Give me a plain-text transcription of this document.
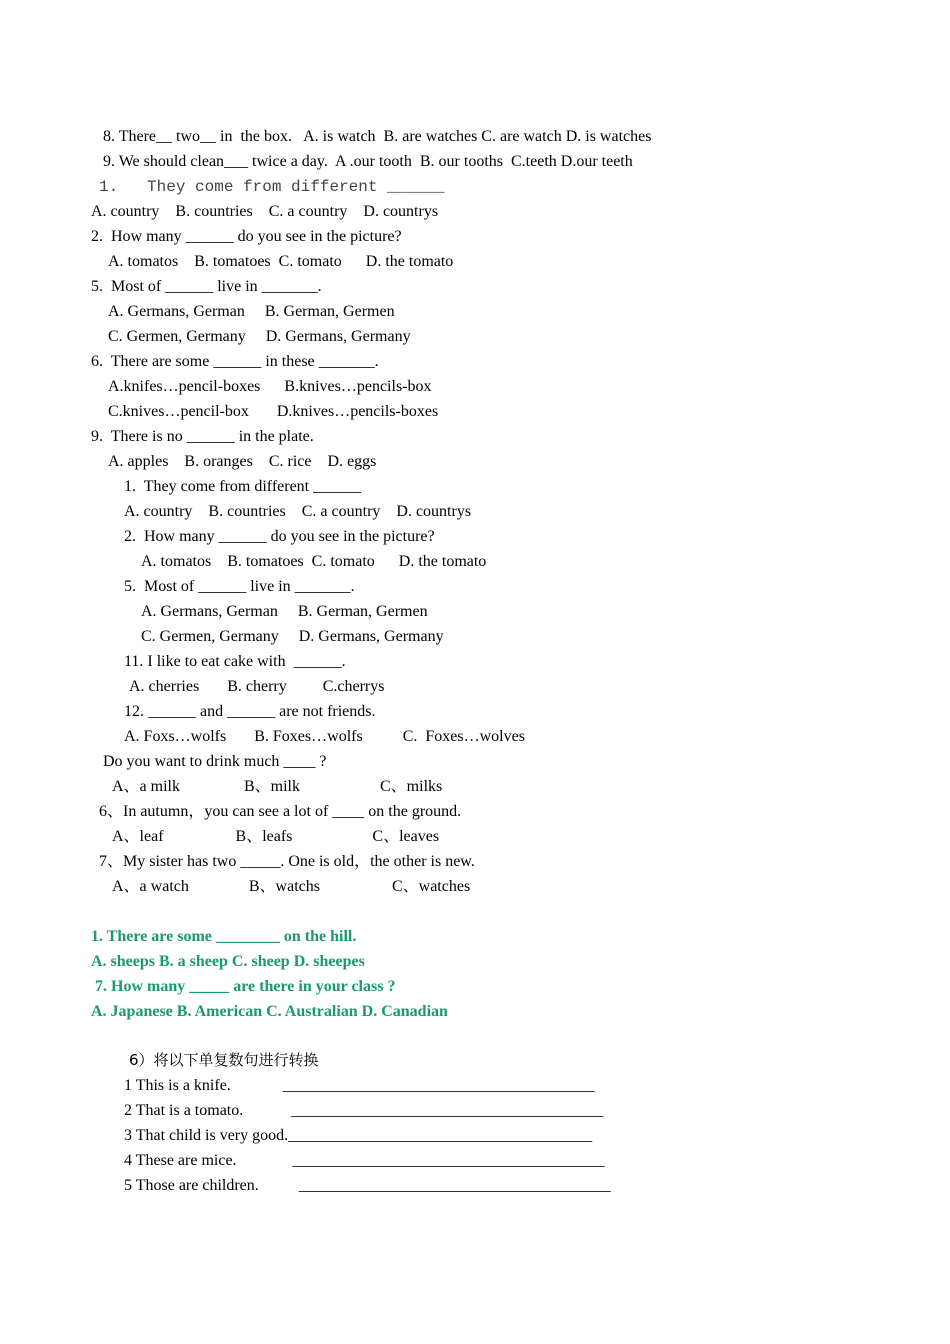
8. There__ two__ in  the box.   A. is watch  B. are watches C. are watch D. is watches
9. We should clean___ twice a day.  A .our tooth  B. our tooths  C.teeth D.our teeth
1.   They come from different ______
A. country    B. countries    C. a country    D. countrys
2.  How many ______ do you see in the picture?
A. tomatos    B. tomatoes  C. tomato      D. the tomato
5.  Most of ______ live in _______.
A. Germans, German     B. German, Germen
C. Germen, Germany     D. Germans, Germany
6.  There are some ______ in these _______.
A.knifes…pencil-boxes      B.knives…pencils-box
C.knives…pencil-box       D.knives…pencils-boxes
9.  There is no ______ in the plate.
A. apples    B. oranges    C. rice    D. eggs
1.  They come from different ______
A. country    B. countries    C. a country    D. countrys
2.  How many ______ do you see in the picture?
A. tomatos    B. tomatoes  C. tomato      D. the tomato
5.  Most of ______ live in _______.
A. Germans, German     B. German, Germen
C. Germen, Germany     D. Germans, Germany
11. I like to eat cake with  ______.
A. cherries       B. cherry         C.cherrys
12. ______ and ______ are not friends.
A. Foxs…wolfs       B. Foxes…wolfs          C.  Foxes…wolves
Do you want to drink much ____ ?
A、a milk                B、milk                    C、milks
6、In autumn，you can see a lot of ____ on the ground.
A、leaf                  B、leafs                    C、leaves
7、My sister has two _____. One is old，the other is new.
A、a watch               B、watchs                  C、watches
1. There are some ________ on the hill.
A. sheeps B. a sheep C. sheep D. sheepes
7. How many _____ are there in your class ?
A. Japanese B. American C. Australian D. Canadian
6）将以下单复数句进行转换
1 This is a knife.             _______________________________________
2 That is a tomato.            _______________________________________
3 That child is very good.______________________________________
4 These are mice.              _______________________________________
5 Those are children.          _______________________________________
